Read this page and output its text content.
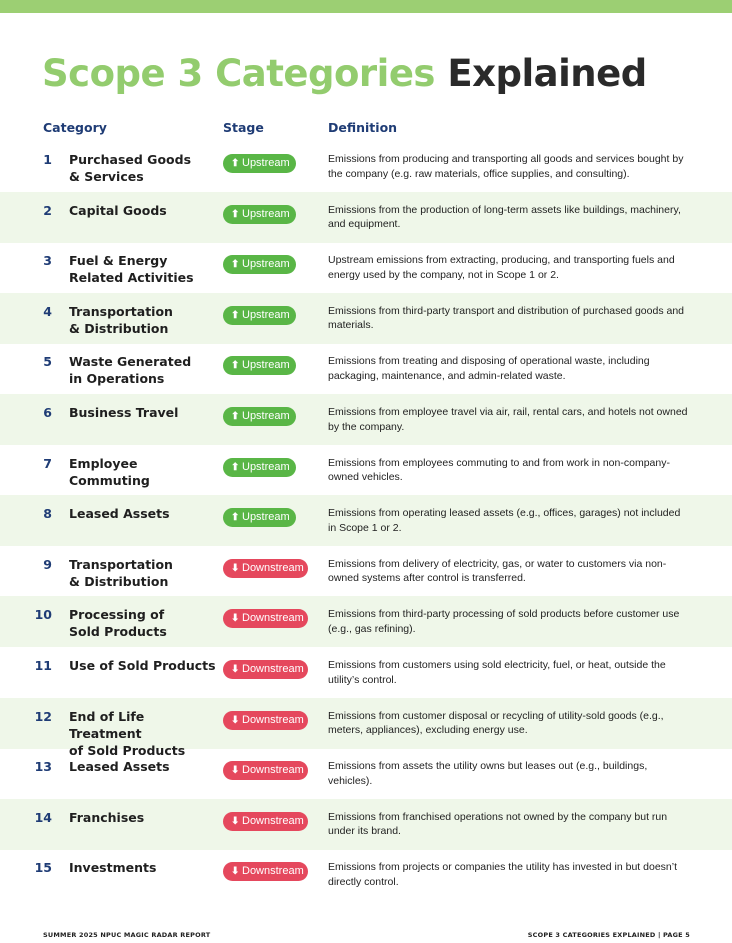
Scope 3 Categories Explained
Category	Stage	Definition
1 Purchased Goods
& Services
⬆ Upstream	Emissions from producing and transporting all goods and services bought by the company (e.g. raw materials, office supplies, and consulting).
2 Capital Goods	⬆ Upstream	Emissions from the production of long-term assets like buildings, machinery, and equipment.
3 Fuel & Energy
Related Activities
⬆ Upstream	Upstream emissions from extracting, producing, and transporting fuels and energy used by the company, not in Scope 1 or 2.
4 Transportation
& Distribution
⬆ Upstream	Emissions from third-party transport and distribution of purchased goods and materials.
5 Waste Generated
in Operations
⬆ Upstream	Emissions from treating and disposing of operational waste, including packaging, maintenance, and admin-related waste.
6 Business Travel	⬆ Upstream	Emissions from employee travel via air, rail, rental cars, and hotels not owned by the company.
7 Employee Commuting
⬆ Upstream	Emissions from employees commuting to and from work in non-company-owned vehicles.
8 Leased Assets	⬆ Upstream	Emissions from operating leased assets (e.g., offices, garages) not included in Scope 1 or 2.
9 Transportation
& Distribution
⬇ Downstream Emissions from delivery of electricity, gas, or water to customers via non-owned systems after control is transferred.
10 Processing of
Sold Products
⬇ Downstream Emissions from third-party processing of sold products before customer use (e.g., gas refining).
11 Use of Sold Products	⬇ Downstream Emissions from customers using sold electricity, fuel, or heat, outside the utility’s control.
12 End of Life Treatment
of Sold Products
⬇ Downstream Emissions from customer disposal or recycling of utility-sold goods (e.g., meters, appliances), excluding energy use.
13 Leased Assets	⬇ Downstream Emissions from assets the utility owns but leases out (e.g., buildings, vehicles).
14 Franchises	⬇ Downstream Emissions from franchised operations not owned by the company but run under its brand.
15 Investments	⬇ Downstream Emissions from projects or companies the utility has invested in but doesn’t directly control.
SUMMER 2025 NPUC MAGIC RADAR REPORT	SCOPE 3 CATEGORIES EXPLAINED | PAGE 5
